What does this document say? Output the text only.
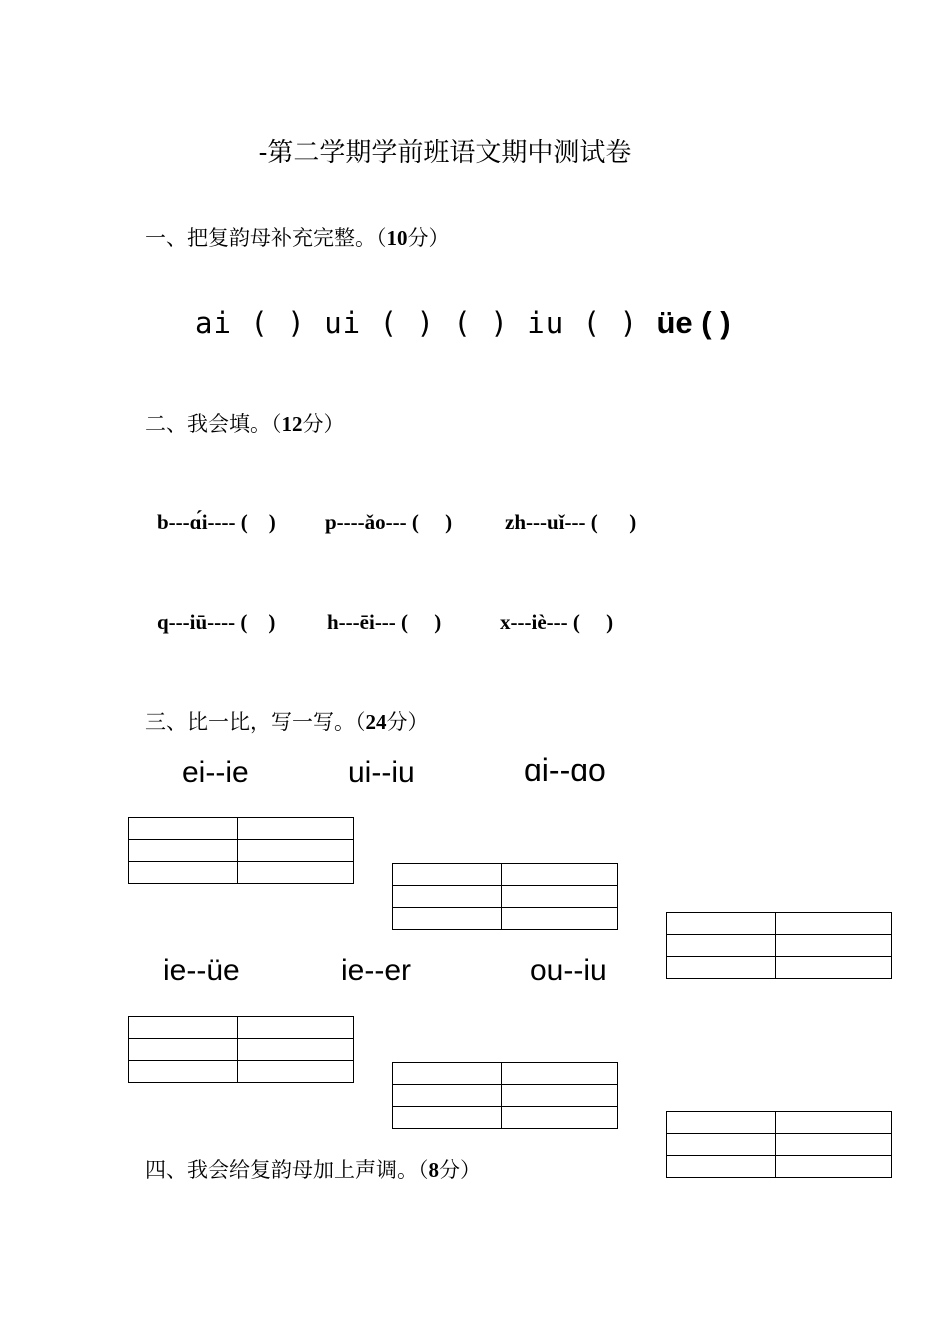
-第二学期学前班语文期中测试卷
一、把复韵母补充完整。（10分）
ai ( ) ui ( ) ( ) iu ( ) üe ( )
二、我会填。（12分）
b---ɑ́i---- (    ) p----ǎo--- (     )	zh---uǐ--- (      )
q---iū---- (    ) h---ēi--- (     )	x---iè--- (     )
三、比一比，写一写。（24分）
ei--ie	ui--iu	ɑi--ɑo
ie--üe	ie--er	ou--iu

四、我会给复韵母加上声调。（8分）
